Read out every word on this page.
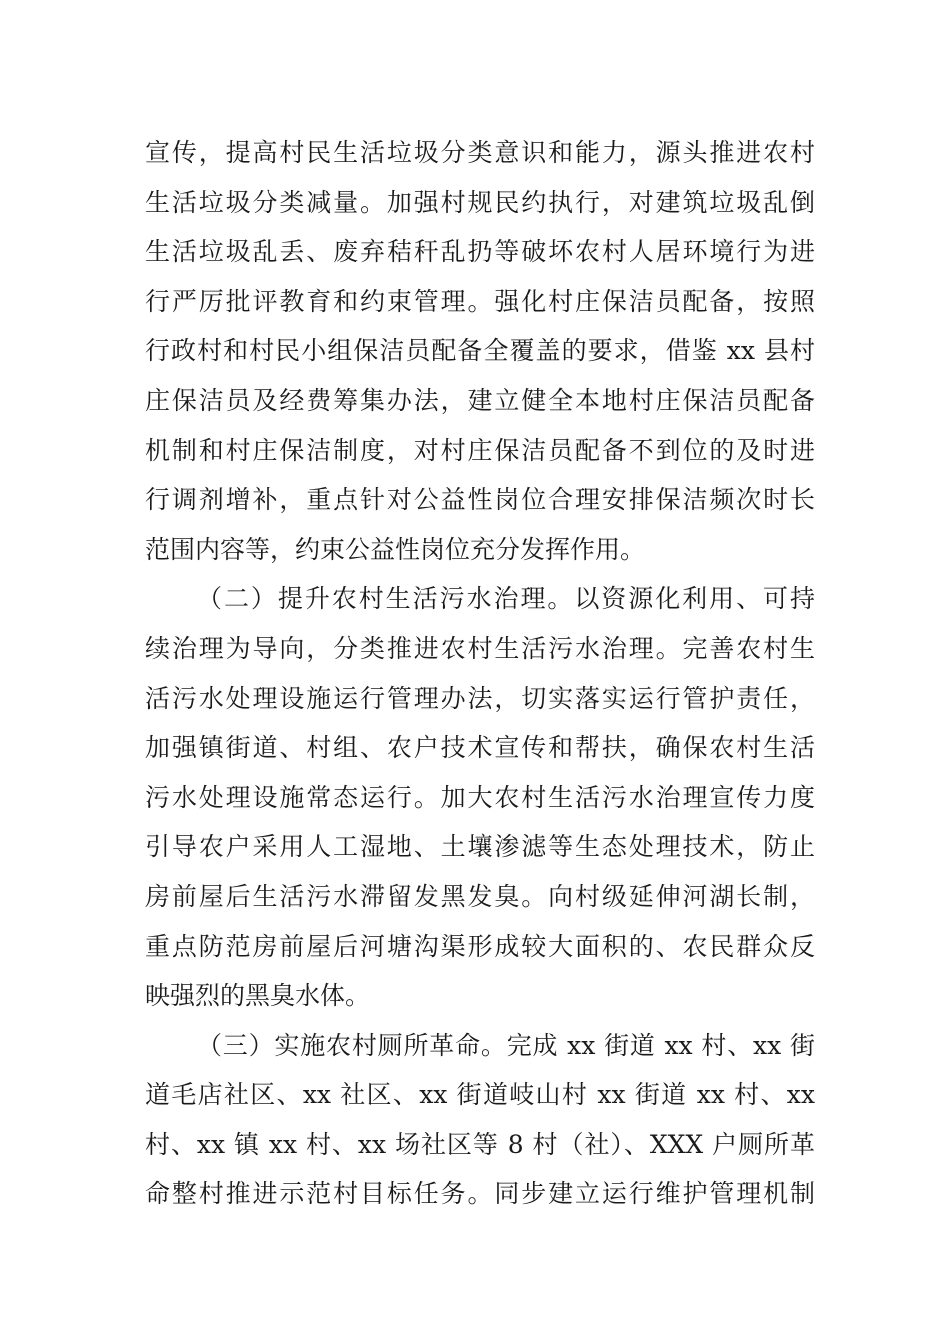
宣传，提高村民生活垃圾分类意识和能力，源头推进农村
生活垃圾分类减量。加强村规民约执行，对建筑垃圾乱倒
生活垃圾乱丢、废弃秸秆乱扔等破坏农村人居环境行为进
行严厉批评教育和约束管理。强化村庄保洁员配备，按照
行政村和村民小组保洁员配备全覆盖的要求，借鉴 xx 县村
庄保洁员及经费筹集办法，建立健全本地村庄保洁员配备
机制和村庄保洁制度，对村庄保洁员配备不到位的及时进
行调剂增补，重点针对公益性岗位合理安排保洁频次时长
范围内容等，约束公益性岗位充分发挥作用。
（二）提升农村生活污水治理。以资源化利用、可持
续治理为导向，分类推进农村生活污水治理。完善农村生
活污水处理设施运行管理办法，切实落实运行管护责任，
加强镇街道、村组、农户技术宣传和帮扶，确保农村生活
污水处理设施常态运行。加大农村生活污水治理宣传力度
引导农户采用人工湿地、土壤渗滤等生态处理技术，防止
房前屋后生活污水滞留发黑发臭。向村级延伸河湖长制，
重点防范房前屋后河塘沟渠形成较大面积的、农民群众反
映强烈的黑臭水体。
（三）实施农村厕所革命。完成 xx 街道 xx 村、xx 街
道毛店社区、xx 社区、xx 街道岐山村 xx 街道 xx 村、xx
村、xx 镇 xx 村、xx 场社区等 8 村（社）、XXX 户厕所革
命整村推进示范村目标任务。同步建立运行维护管理机制
